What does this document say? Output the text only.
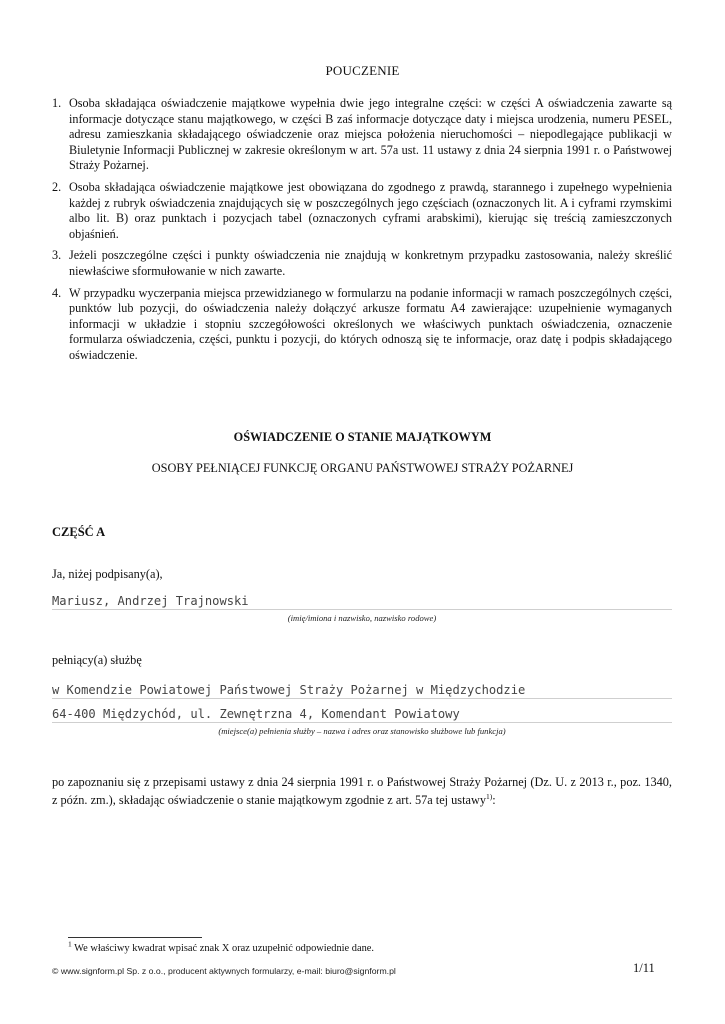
POUCZENIE
1. Osoba składająca oświadczenie majątkowe wypełnia dwie jego integralne części: w części A oświadczenia zawarte są informacje dotyczące stanu majątkowego, w części B zaś informacje dotyczące daty i miejsca urodzenia, numeru PESEL, adresu zamieszkania składającego oświadczenie oraz miejsca położenia nieruchomości – niepodlegające publikacji w Biuletynie Informacji Publicznej w zakresie określonym w art. 57a ust. 11 ustawy z dnia 24 sierpnia 1991 r. o Państwowej Straży Pożarnej.
2. Osoba składająca oświadczenie majątkowe jest obowiązana do zgodnego z prawdą, starannego i zupełnego wypełnienia każdej z rubryk oświadczenia znajdujących się w poszczególnych jego częściach (oznaczonych lit. A i cyframi rzymskimi albo lit. B) oraz punktach i pozycjach tabel (oznaczonych cyframi arabskimi), kierując się treścią zamieszczonych objaśnień.
3. Jeżeli poszczególne części i punkty oświadczenia nie znajdują w konkretnym przypadku zastosowania, należy skreślić niewłaściwe sformułowanie w nich zawarte.
4. W przypadku wyczerpania miejsca przewidzianego w formularzu na podanie informacji w ramach poszczególnych części, punktów lub pozycji, do oświadczenia należy dołączyć arkusze formatu A4 zawierające: uzupełnienie wymaganych informacji w układzie i stopniu szczegółowości określonych we właściwych punktach oświadczenia, oznaczenie formularza oświadczenia, części, punktu i pozycji, do których odnoszą się te informacje, oraz datę i podpis składającego oświadczenie.
OŚWIADCZENIE O STANIE MAJĄTKOWYM
OSOBY PEŁNIĄCEJ FUNKCJĘ ORGANU PAŃSTWOWEJ STRAŻY POŻARNEJ
CZĘŚĆ A
Ja, niżej podpisany(a),
Mariusz, Andrzej Trajnowski
(imię/imiona i nazwisko, nazwisko rodowe)
pełniący(a) służbę
w Komendzie Powiatowej Państwowej Straży Pożarnej w Międzychodzie
64-400 Międzychód, ul. Zewnętrzna 4, Komendant Powiatowy
(miejsce(a) pełnienia służby – nazwa i adres oraz stanowisko służbowe lub funkcja)
po zapoznaniu się z przepisami ustawy z dnia 24 sierpnia 1991 r. o Państwowej Straży Pożarnej (Dz. U. z 2013 r., poz. 1340, z późn. zm.), składając oświadczenie o stanie majątkowym zgodnie z art. 57a tej ustawy$^{1)}$:
$^1$ We właściwy kwadrat wpisać znak X oraz uzupełnić odpowiednie dane.
© www.signform.pl Sp. z o.o., producent aktywnych formularzy, e-mail: biuro@signform.pl	1/11
